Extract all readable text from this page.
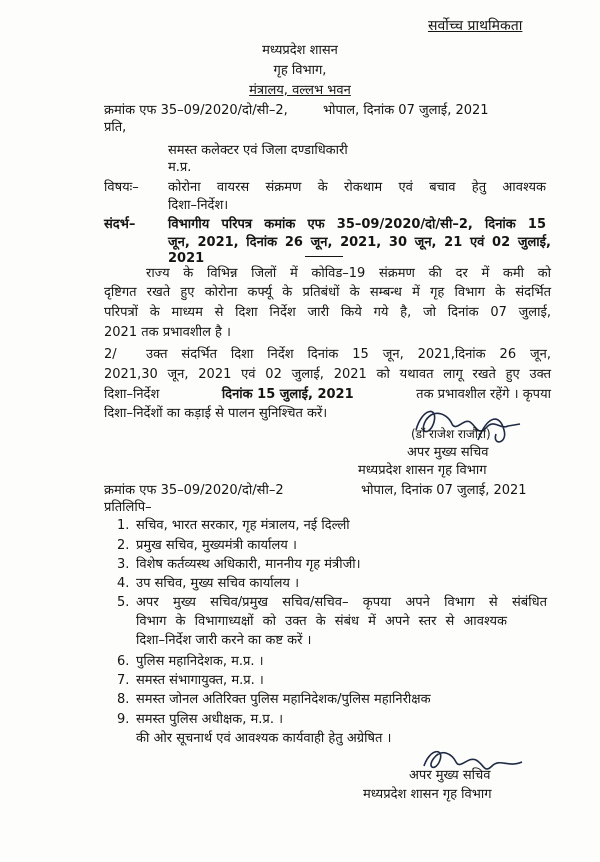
सर्वोच्च प्राथमिकता
मध्यप्रदेश शासन
गृह विभाग,
मंत्रालय, वल्लभ भवन
क्रमांक एफ 35–09/2020/दो/सी–2,	भोपाल, दिनांक 07 जुलाई, 2021
प्रति,
समस्त कलेक्टर एवं जिला दण्डाधिकारी
म.प्र.
विषयः– कोरोना वायरस संक्रमण के रोकथाम एवं बचाव हेतु आवश्यक
दिशा–निर्देश।
संदर्भ–	विभागीय परिपत्र कमांक एफ 35–09/2020/दो/सी–2, दिनांक 15
जून, 2021, दिनांक 26 जून, 2021, 30 जून, 21 एवं 02 जुलाई, 2021
राज्य के विभिन्न जिलों में कोविड–19 संक्रमण की दर में कमी को
दृष्टिगत रखते हुए कोरोना कर्फ्यू के प्रतिबंधों के सम्बन्ध में गृह विभाग के संदर्भित
परिपत्रों के माध्यम से दिशा निर्देश जारी किये गये है, जो दिनांक 07 जुलाई,
2021 तक प्रभावशील है ।
2/ उक्त संदर्भित दिशा निर्देश दिनांक 15 जून, 2021,दिनांक 26 जून,
2021,30 जून, 2021 एवं 02 जुलाई, 2021 को यथावत लागू रखते हुए उक्त
दिशा–निर्देश	दिनांक 15 जुलाई, 2021	तक प्रभावशील रहेंगे । कृपया
दिशा–निर्देशों का कड़ाई से पालन सुनिश्चित करें।
(डॉ राजेश राजौरा)
अपर मुख्य सचिव
मध्यप्रदेश शासन गृह विभाग
क्रमांक एफ 35–09/2020/दो/सी–2	भोपाल, दिनांक 07 जुलाई, 2021
प्रतिलिपि–
1. सचिव, भारत सरकार, गृह मंत्रालय, नई दिल्ली
2. प्रमुख सचिव, मुख्यमंत्री कार्यालय ।
3. विशेष कर्तव्यस्थ अधिकारी, माननीय गृह मंत्रीजी।
4. उप सचिव, मुख्य सचिव कार्यालय ।
5. अपर मुख्य सचिव/प्रमुख सचिव/सचिव– कृपया अपने विभाग से संबंधित
विभाग के विभागाध्यक्षों को उक्त के संबंध में अपने स्तर से आवश्यक
दिशा–निर्देश जारी करने का कष्ट करें ।
6. पुलिस महानिदेशक, म.प्र. ।
7. समस्त संभागायुक्त, म.प्र. ।
8. समस्त जोनल अतिरिक्त पुलिस महानिदेशक/पुलिस महानिरीक्षक
9. समस्त पुलिस अधीक्षक, म.प्र. ।
की ओर सूचनार्थ एवं आवश्यक कार्यवाही हेतु अग्रेषित ।
अपर मुख्य सचिव
मध्यप्रदेश शासन गृह विभाग
